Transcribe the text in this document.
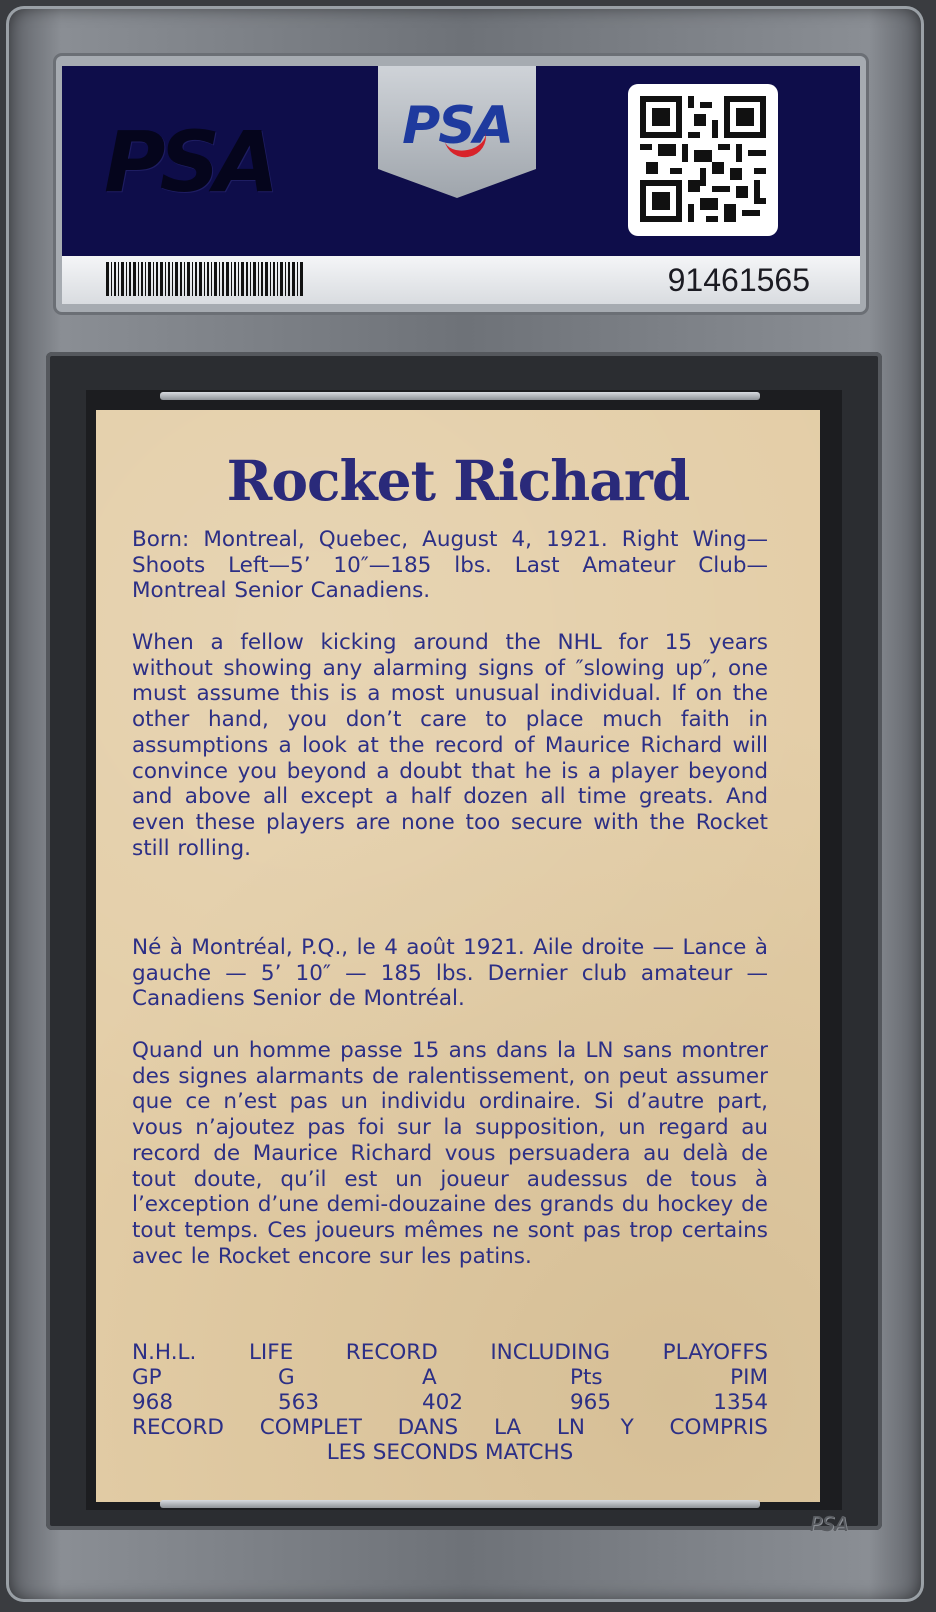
PSA	PSA
91461565
Rocket Richard
Born: Montreal, Quebec, August 4, 1921. Right Wing—Shoots Left—5’ 10″—185 lbs. Last Amateur Club—Montreal Senior Canadiens.
When a fellow kicking around the NHL for 15 years without showing any alarming signs of ″slowing up″, one must assume this is a most unusual individual. If on the other hand, you don’t care to place much faith in assumptions a look at the record of Maurice Richard will convince you beyond a doubt that he is a player beyond and above all except a half dozen all time greats. And even these players are none too secure with the Rocket still rolling.
Né à Montréal, P.Q., le 4 août 1921. Aile droite — Lance à gauche — 5’ 10″ — 185 lbs. Dernier club amateur — Canadiens Senior de Montréal.
Quand un homme passe 15 ans dans la LN sans montrer des signes alarmants de ralentissement, on peut assumer que ce n’est pas un individu ordinaire. Si d’autre part, vous n’ajoutez pas foi sur la supposition, un regard au record de Maurice Richard vous persuadera au delà de tout doute, qu’il est un joueur audessus de tous à l’exception d’une demi-douzaine des grands du hockey de tout temps. Ces joueurs mêmes ne sont pas trop certains avec le Rocket encore sur les patins.
N.H.L. LIFE RECORD INCLUDING PLAYOFFS
GP	G	A	Pts	PIM
968	563	402	965	1354
RECORD COMPLET DANS LA LN Y COMPRIS
LES SECONDS MATCHS
PSA
